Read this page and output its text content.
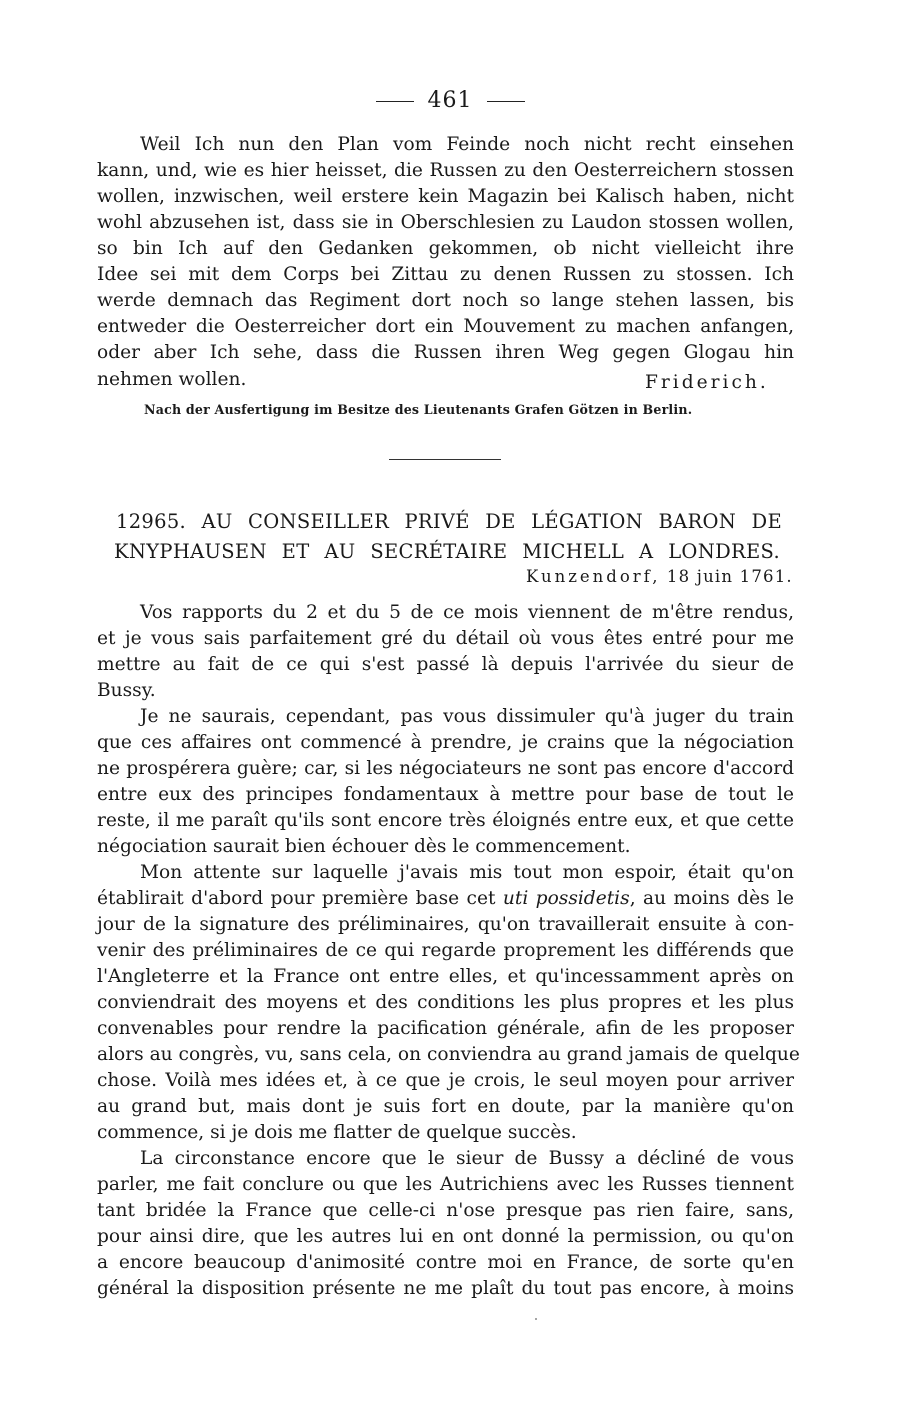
461
Weil Ich nun den Plan vom Feinde noch nicht recht einsehen
kann, und, wie es hier heisset, die Russen zu den Oesterreichern stossen
wollen, inzwischen, weil erstere kein Magazin bei Kalisch haben, nicht
wohl abzusehen ist, dass sie in Oberschlesien zu Laudon stossen wollen,
so bin Ich auf den Gedanken gekommen, ob nicht vielleicht ihre
Idee sei mit dem Corps bei Zittau zu denen Russen zu stossen. Ich
werde demnach das Regiment dort noch so lange stehen lassen, bis
entweder die Oesterreicher dort ein Mouvement zu machen anfangen,
oder aber Ich sehe, dass die Russen ihren Weg gegen Glogau hin
nehmen wollen.	Friderich.
Nach der Ausfertigung im Besitze des Lieutenants Grafen Götzen in Berlin.
12965. AU CONSEILLER PRIVÉ DE LÉGATION BARON DE
KNYPHAUSEN ET AU SECRÉTAIRE MICHELL A LONDRES.
Kunzendorf, 18 juin 1761.
Vos rapports du 2 et du 5 de ce mois viennent de m'être rendus,
et je vous sais parfaitement gré du détail où vous êtes entré pour me
mettre au fait de ce qui s'est passé là depuis l'arrivée du sieur de
Bussy.
Je ne saurais, cependant, pas vous dissimuler qu'à juger du train
que ces affaires ont commencé à prendre, je crains que la négociation
ne prospérera guère; car, si les négociateurs ne sont pas encore d'accord
entre eux des principes fondamentaux à mettre pour base de tout le
reste, il me paraît qu'ils sont encore très éloignés entre eux, et que cette
négociation saurait bien échouer dès le commencement.
Mon attente sur laquelle j'avais mis tout mon espoir, était qu'on
établirait d'abord pour première base cet uti possidetis, au moins dès le
jour de la signature des préliminaires, qu'on travaillerait ensuite à con-
venir des préliminaires de ce qui regarde proprement les différends que
l'Angleterre et la France ont entre elles, et qu'incessamment après on
conviendrait des moyens et des conditions les plus propres et les plus
convenables pour rendre la pacification générale, afin de les proposer
alors au congrès, vu, sans cela, on conviendra au grand jamais de quelque
chose. Voilà mes idées et, à ce que je crois, le seul moyen pour arriver
au grand but, mais dont je suis fort en doute, par la manière qu'on
commence, si je dois me flatter de quelque succès.
La circonstance encore que le sieur de Bussy a décliné de vous
parler, me fait conclure ou que les Autrichiens avec les Russes tiennent
tant bridée la France que celle-ci n'ose presque pas rien faire, sans,
pour ainsi dire, que les autres lui en ont donné la permission, ou qu'on
a encore beaucoup d'animosité contre moi en France, de sorte qu'en
général la disposition présente ne me plaît du tout pas encore, à moins
